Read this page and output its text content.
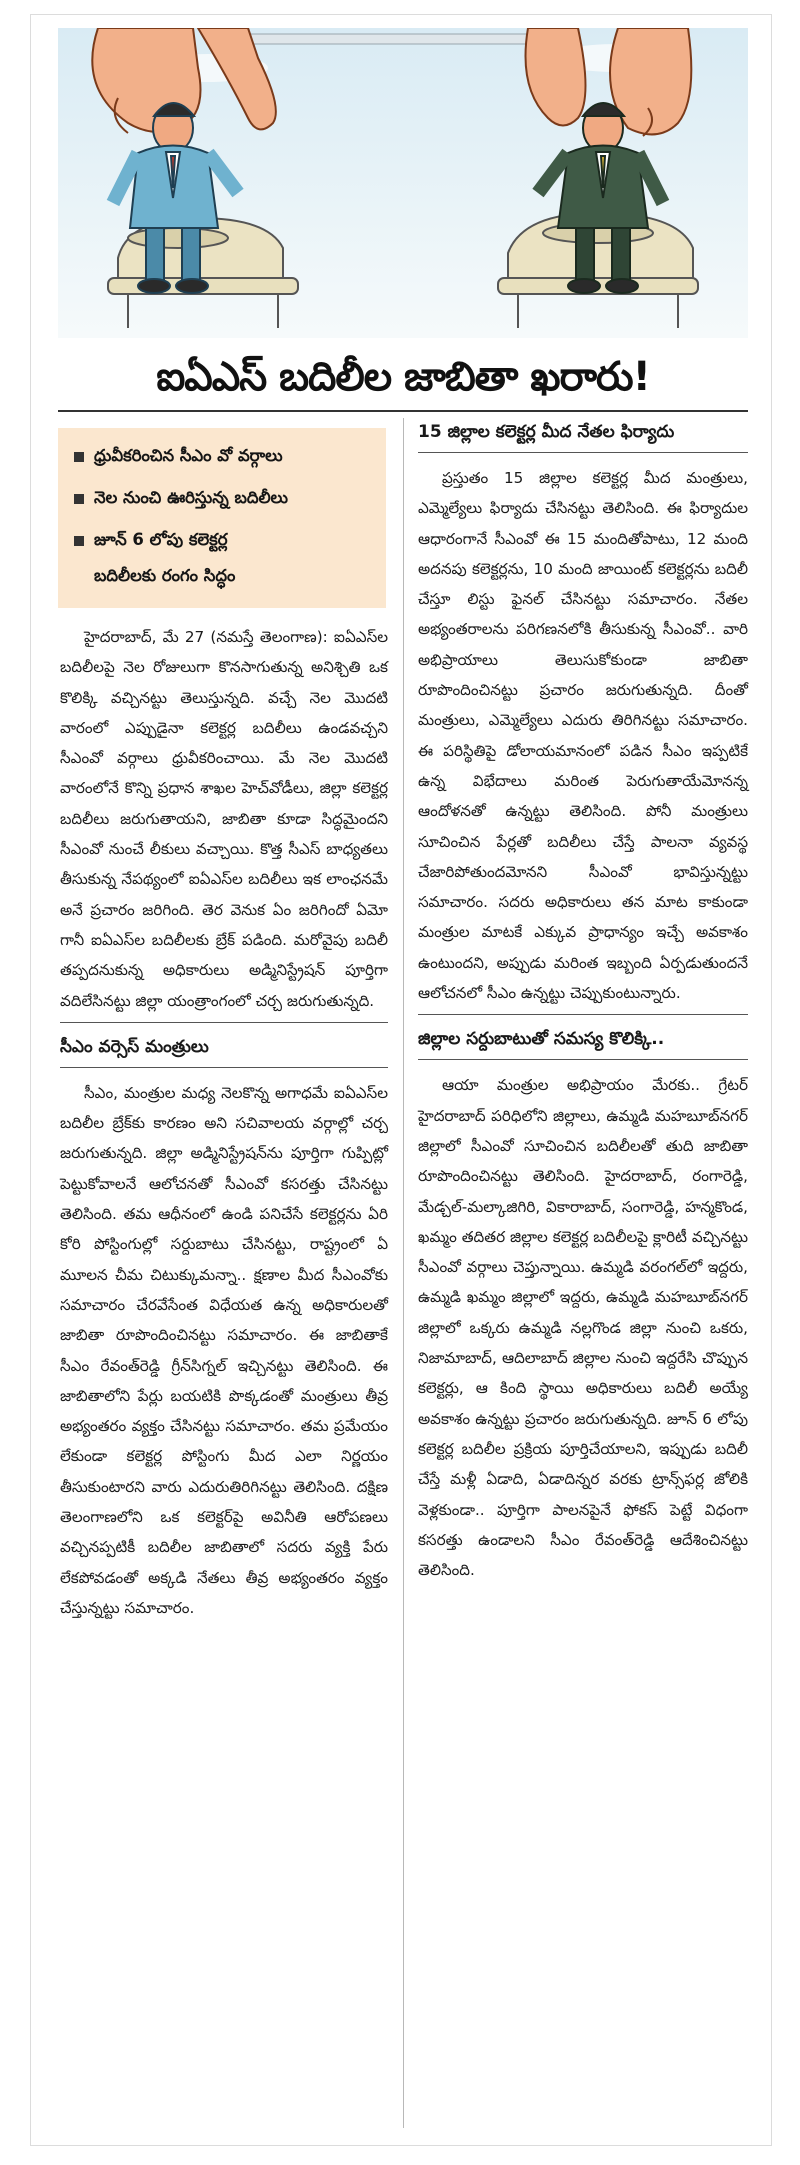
ఐఏఎస్ బదిలీల జాబితా ఖరారు!
ధ్రువీకరించిన సీఎం వో వర్గాలు
నెల నుంచి ఊరిస్తున్న బదిలీలు
జూన్ 6 లోపు కలెక్టర్ల
బదిలీలకు రంగం సిద్ధం

హైదరాబాద్, మే 27 (నమస్తే తెలంగాణ): ఐఏఎస్‌ల బదిలీలపై నెల రోజులుగా కొనసాగుతున్న అనిశ్చితి ఒక కొలిక్కి వచ్చినట్టు తెలుస్తున్నది. వచ్చే నెల మొదటి వారంలో ఎప్పుడైనా కలెక్టర్ల బదిలీలు ఉండవచ్చని సీఎంవో వర్గాలు ధ్రువీకరించాయి. మే నెల మొదటి వారంలోనే కొన్ని ప్రధాన శాఖల హెచ్‌వోడీలు, జిల్లా కలెక్టర్ల బదిలీలు జరుగుతాయని, జాబితా కూడా సిద్ధమైందని సీఎంవో నుంచే లీకులు వచ్చాయి. కొత్త సీఎస్ బాధ్యతలు తీసుకున్న నేపథ్యంలో ఐఏఎస్‌ల బదిలీలు ఇక లాంఛనమే అనే ప్రచారం జరిగింది. తెర వెనుక ఏం జరిగిందో ఏమో గానీ ఐఏఎస్‌ల బదిలీలకు బ్రేక్ పడింది. మరోవైపు బదిలీ తప్పదనుకున్న అధికారులు అడ్మినిస్ట్రేషన్ పూర్తిగా వదిలేసినట్టు జిల్లా యంత్రాంగంలో చర్చ జరుగుతున్నది.

సీఎం వర్సెస్ మంత్రులు

సీఎం, మంత్రుల మధ్య నెలకొన్న అగాధమే ఐఏఎస్‌ల బదిలీల బ్రేక్‌కు కారణం అని సచివాలయ వర్గాల్లో చర్చ జరుగుతున్నది. జిల్లా అడ్మినిస్ట్రేషన్‌ను పూర్తిగా గుప్పిట్లో పెట్టుకోవాలనే ఆలోచనతో సీఎంవో కసరత్తు చేసినట్టు తెలిసింది. తమ ఆధీనంలో ఉండి పనిచేసే కలెక్టర్లను ఏరి కోరి పోస్టింగుల్లో సర్దుబాటు చేసినట్టు, రాష్ట్రంలో ఏ మూలన చీమ చిటుక్కుమన్నా.. క్షణాల మీద సీఎంవోకు సమాచారం చేరవేసేంత విధేయత ఉన్న అధికారులతో జాబితా రూపొందించినట్టు సమాచారం. ఈ జాబితాకే సీఎం రేవంత్‌రెడ్డి గ్రీన్‌సిగ్నల్ ఇచ్చినట్టు తెలిసింది. ఈ జాబితాలోని పేర్లు బయటికి పొక్కడంతో మంత్రులు తీవ్ర అభ్యంతరం వ్యక్తం చేసినట్టు సమాచారం. తమ ప్రమేయం లేకుండా కలెక్టర్ల పోస్టింగు మీద ఎలా నిర్ణయం తీసుకుంటారని వారు ఎదురుతిరిగినట్టు తెలిసింది. దక్షిణ తెలంగాణలోని ఒక కలెక్టర్‌పై అవినీతి ఆరోపణలు వచ్చినప్పటికీ బదిలీల జాబితాలో సదరు వ్యక్తి పేరు లేకపోవడంతో అక్కడి నేతలు తీవ్ర అభ్యంతరం వ్యక్తం చేస్తున్నట్టు సమాచారం.

15 జిల్లాల కలెక్టర్ల మీద నేతల ఫిర్యాదు

ప్రస్తుతం 15 జిల్లాల కలెక్టర్ల మీద మంత్రులు, ఎమ్మెల్యేలు ఫిర్యాదు చేసినట్టు తెలిసింది. ఈ ఫిర్యాదుల ఆధారంగానే సీఎంవో ఈ 15 మందితోపాటు, 12 మంది అదనపు కలెక్టర్లను, 10 మంది జాయింట్ కలెక్టర్లను బదిలీ చేస్తూ లిస్టు ఫైనల్ చేసినట్టు సమాచారం. నేతల అభ్యంతరాలను పరిగణనలోకి తీసుకున్న సీఎంవో.. వారి అభిప్రాయాలు తెలుసుకోకుండా జాబితా రూపొందించినట్టు ప్రచారం జరుగుతున్నది. దీంతో మంత్రులు, ఎమ్మెల్యేలు ఎదురు తిరిగినట్టు సమాచారం. ఈ పరిస్థితిపై డోలాయమానంలో పడిన సీఎం ఇప్పటికే ఉన్న విభేదాలు మరింత పెరుగుతాయేమోనన్న ఆందోళనతో ఉన్నట్టు తెలిసింది. పోనీ మంత్రులు సూచించిన పేర్లతో బదిలీలు చేస్తే పాలనా వ్యవస్థ చేజారిపోతుందమోనని సీఎంవో భావిస్తున్నట్టు సమాచారం. సదరు అధికారులు తన మాట కాకుండా మంత్రుల మాటకే ఎక్కువ ప్రాధాన్యం ఇచ్చే అవకాశం ఉంటుందని, అప్పుడు మరింత ఇబ్బంది ఏర్పడుతుందనే ఆలోచనలో సీఎం ఉన్నట్టు చెప్పుకుంటున్నారు.

జిల్లాల సర్దుబాటుతో సమస్య కొలిక్కి..

ఆయా మంత్రుల అభిప్రాయం మేరకు.. గ్రేటర్ హైదరాబాద్ పరిధిలోని జిల్లాలు, ఉమ్మడి మహబూబ్‌నగర్ జిల్లాలో సీఎంవో సూచించిన బదిలీలతో తుది జాబితా రూపొందించినట్టు తెలిసింది. హైదరాబాద్, రంగారెడ్డి, మేడ్చల్-మల్కాజిగిరి, వికారాబాద్, సంగారెడ్డి, హన్మకొండ, ఖమ్మం తదితర జిల్లాల కలెక్టర్ల బదిలీలపై క్లారిటీ వచ్చినట్టు సీఎంవో వర్గాలు చెప్తున్నాయి. ఉమ్మడి వరంగల్‌లో ఇద్దరు, ఉమ్మడి ఖమ్మం జిల్లాలో ఇద్దరు, ఉమ్మడి మహబూబ్‌నగర్ జిల్లాలో ఒక్కరు ఉమ్మడి నల్లగొండ జిల్లా నుంచి ఒకరు, నిజామాబాద్, ఆదిలాబాద్ జిల్లాల నుంచి ఇద్దరేసి చొప్పున కలెక్టర్లు, ఆ కింది స్థాయి అధికారులు బదిలీ అయ్యే అవకాశం ఉన్నట్టు ప్రచారం జరుగుతున్నది. జూన్ 6 లోపు కలెక్టర్ల బదిలీల ప్రక్రియ పూర్తిచేయాలని, ఇప్పుడు బదిలీ చేస్తే మళ్లీ ఏడాది, ఏడాదిన్నర వరకు ట్రాన్స్‌ఫర్ల జోలికి వెళ్లకుండా.. పూర్తిగా పాలనపైనే ఫోకస్ పెట్టే విధంగా కసరత్తు ఉండాలని సీఎం రేవంత్‌రెడ్డి ఆదేశించినట్టు తెలిసింది.
